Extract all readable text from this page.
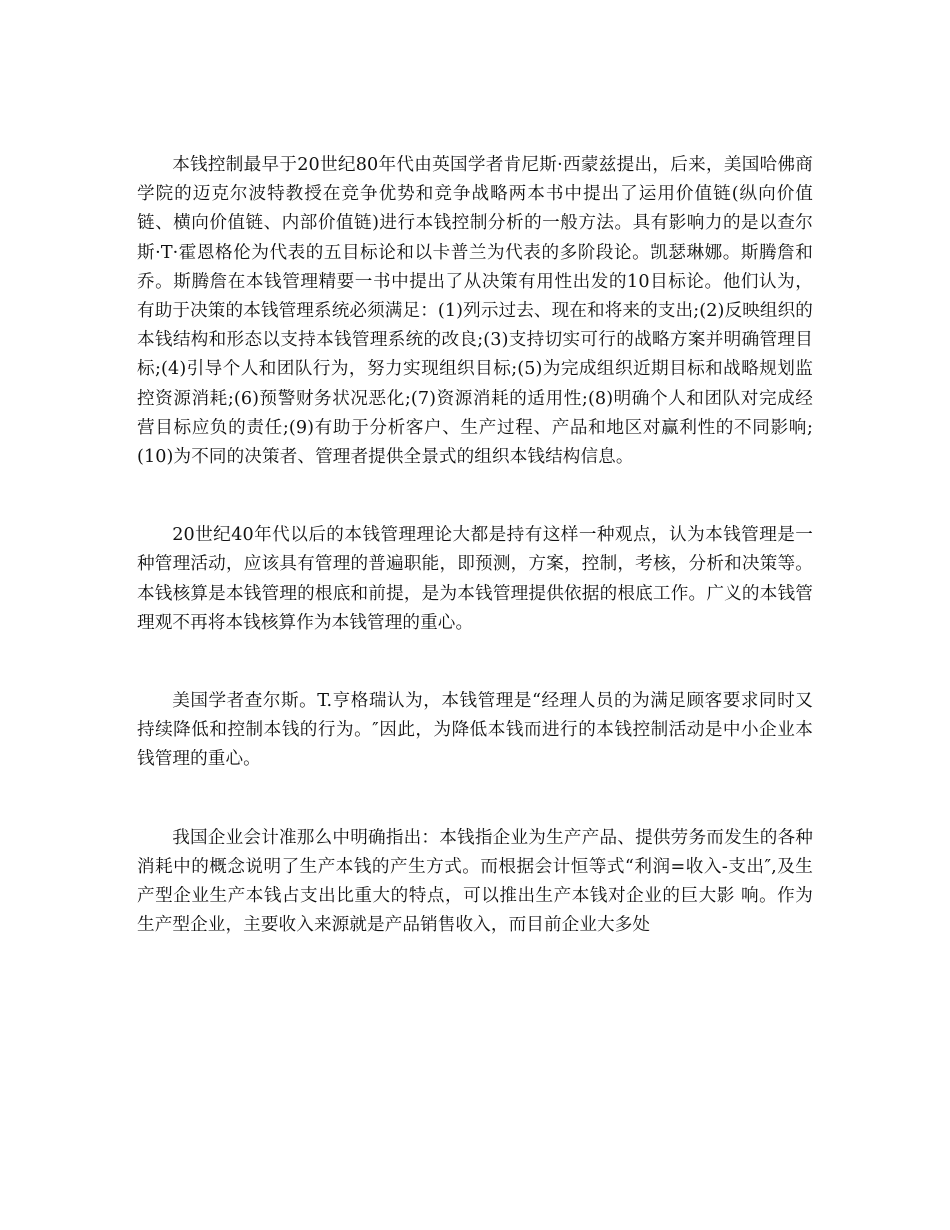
本钱控制最早于20世纪80年代由英国学者肯尼斯·西蒙兹提出，后来，美国哈佛商学院的迈克尔波特教授在竞争优势和竞争战略两本书中提出了运用价值链(纵向价值链、横向价值链、内部价值链)进行本钱控制分析的一般方法。具有影响力的是以查尔斯·T·霍恩格伦为代表的五目标论和以卡普兰为代表的多阶段论。凯瑟琳娜。斯腾詹和乔。斯腾詹在本钱管理精要一书中提出了从决策有用性出发的10目标论。他们认为，有助于决策的本钱管理系统必须满足：(1)列示过去、现在和将来的支出;(2)反映组织的本钱结构和形态以支持本钱管理系统的改良;(3)支持切实可行的战略方案并明确管理目标;(4)引导个人和团队行为，努力实现组织目标;(5)为完成组织近期目标和战略规划监控资源消耗;(6)预警财务状况恶化;(7)资源消耗的适用性;(8)明确个人和团队对完成经营目标应负的责任;(9)有助于分析客户、生产过程、产品和地区对赢利性的不同影响;(10)为不同的决策者、管理者提供全景式的组织本钱结构信息。

20世纪40年代以后的本钱管理理论大都是持有这样一种观点，认为本钱管理是一种管理活动，应该具有管理的普遍职能，即预测，方案，控制，考核，分析和决策等。本钱核算是本钱管理的根底和前提，是为本钱管理提供依据的根底工作。广义的本钱管理观不再将本钱核算作为本钱管理的重心。

美国学者查尔斯。T.亨格瑞认为，本钱管理是“经理人员的为满足顾客要求同时又持续降低和控制本钱的行为。″因此，为降低本钱而进行的本钱控制活动是中小企业本钱管理的重心。

我国企业会计准那么中明确指出：本钱指企业为生产产品、提供劳务而发生的各种消耗中的概念说明了生产本钱的产生方式。而根据会计恒等式“利润=收入-支出″,及生产型企业生产本钱占支出比重大的特点，可以推出生产本钱对企业的巨大影 响。作为生产型企业，主要收入来源就是产品销售收入，而目前企业大多处
